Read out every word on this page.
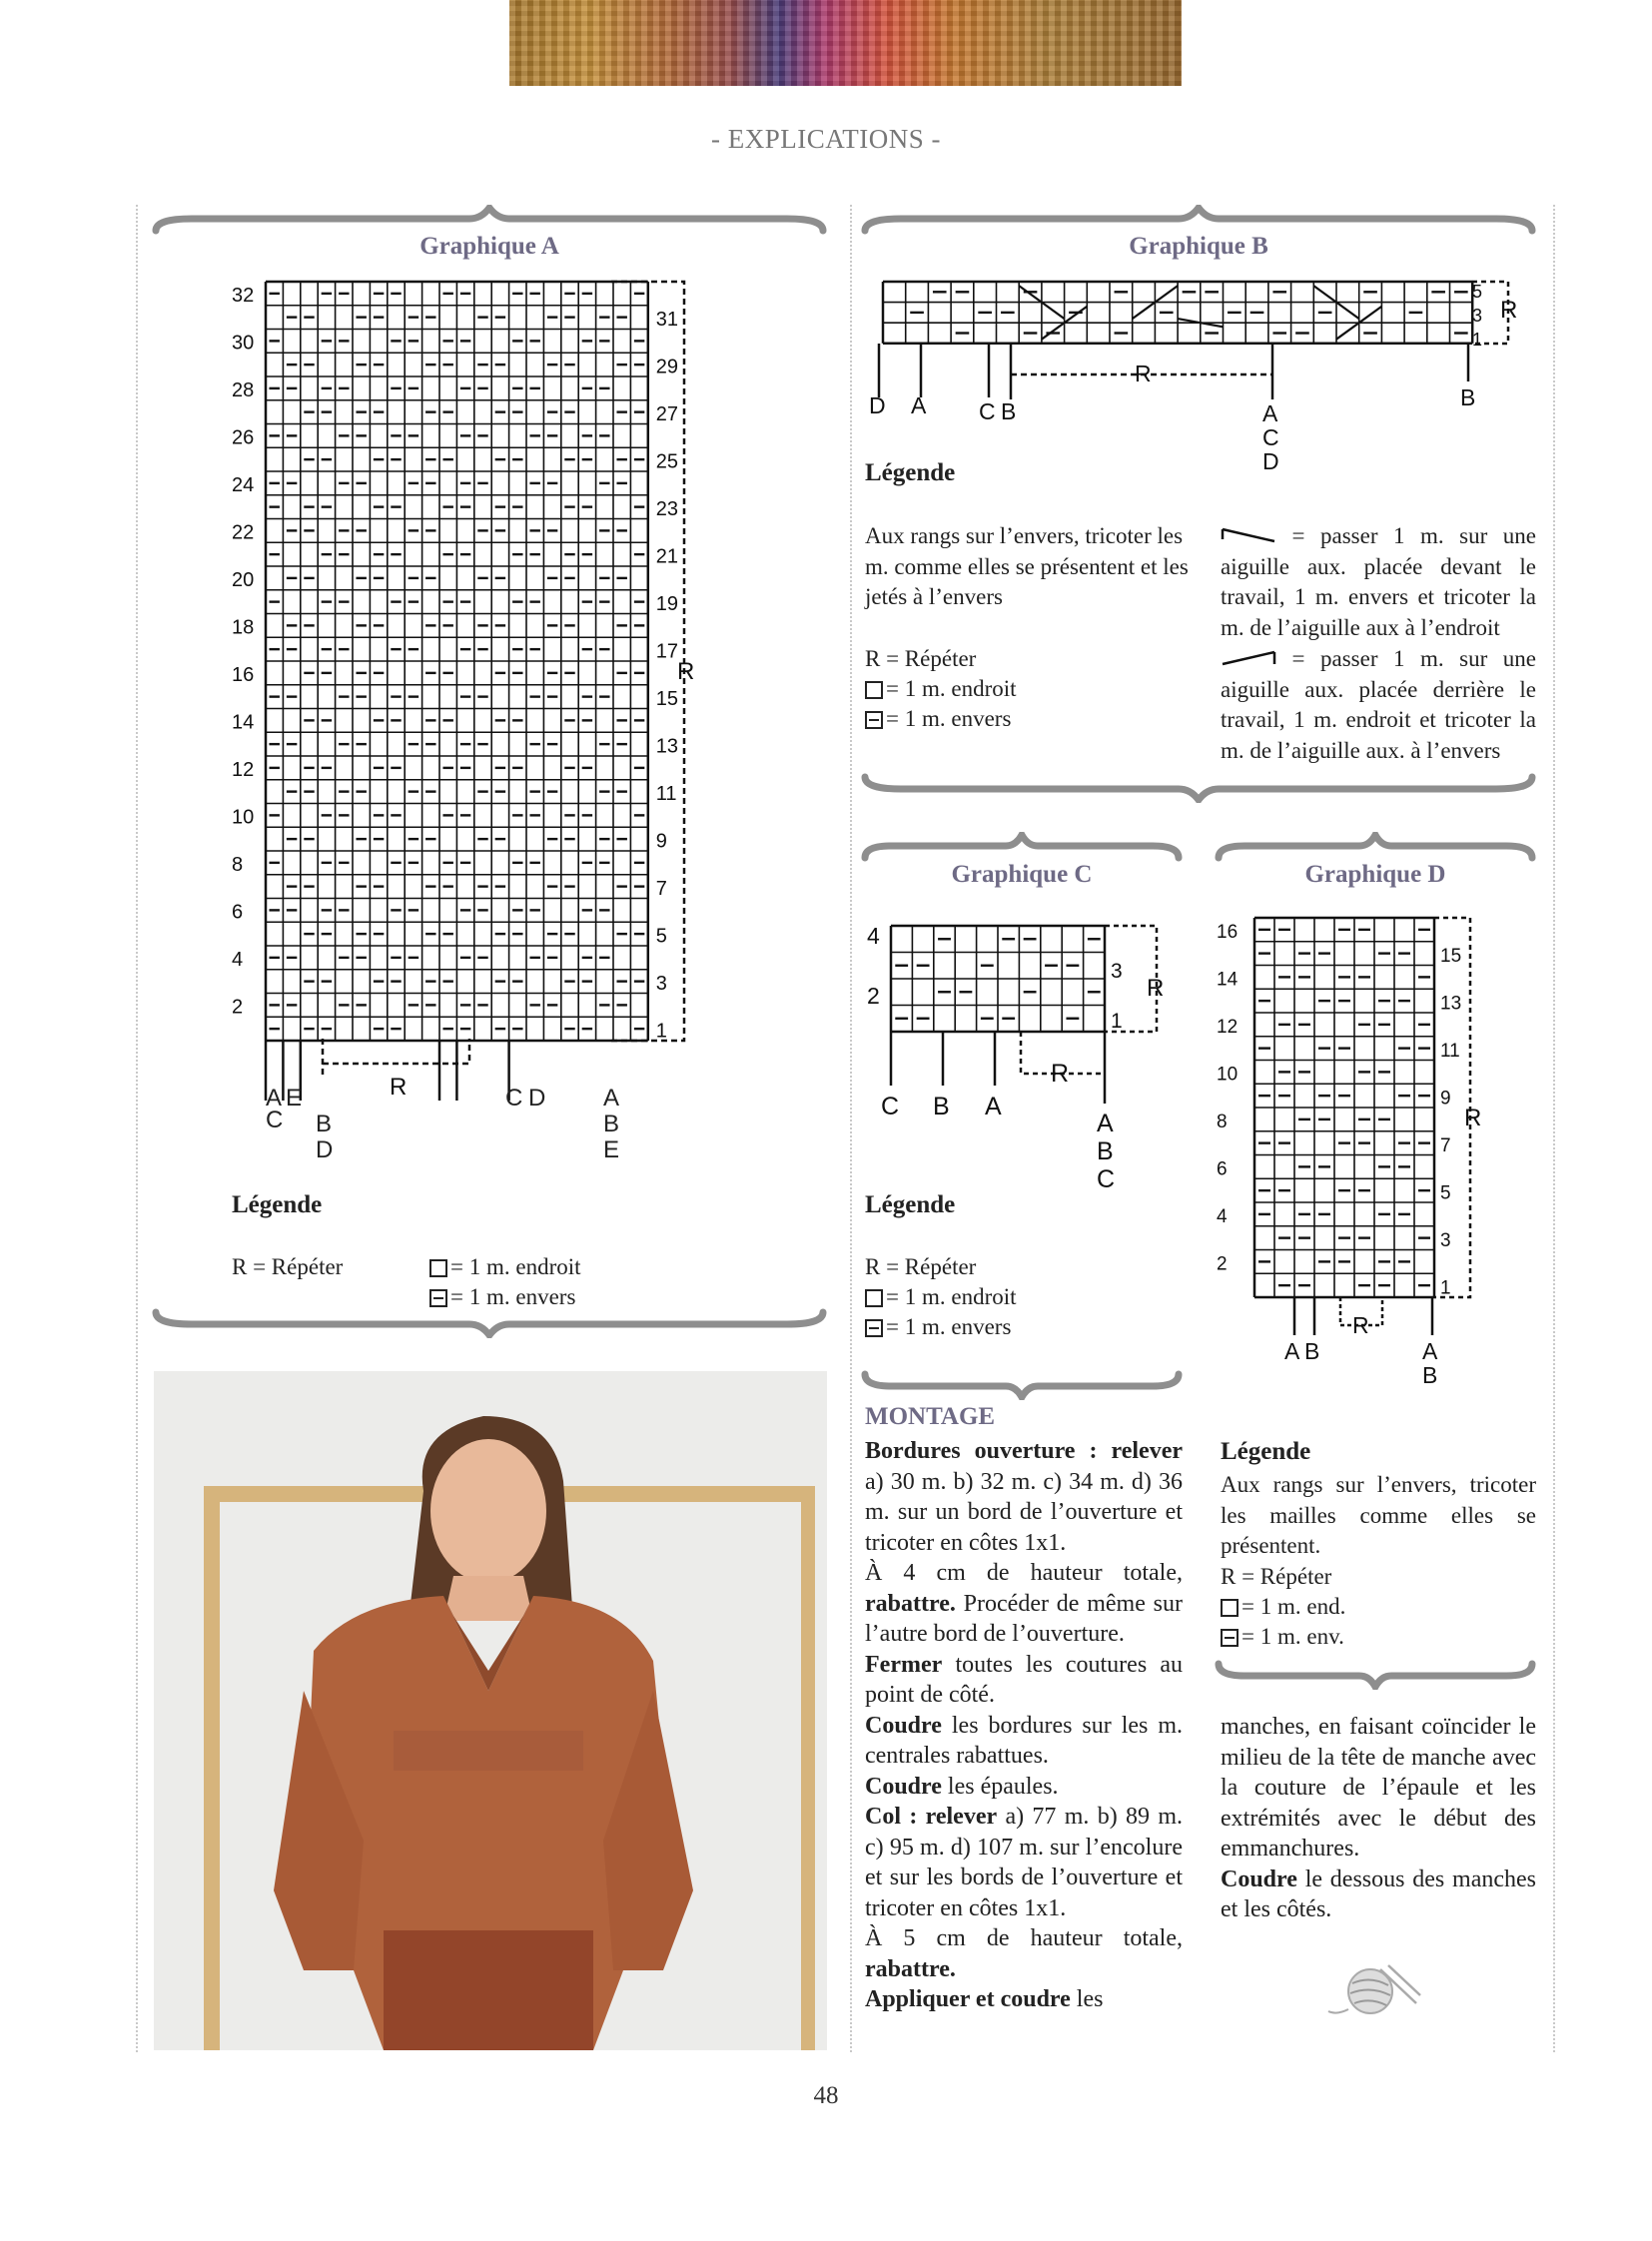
- EXPLICATIONS -
Graphique A
32
30
28
26
24
22
20
18
16
14
12
10
8
6
4
2
31
29
27
25
23
21
19
17
15
13
11
9
7
5
3
1
R
R
A
C
E
B
D
C D A
B
E
Légende
R = Répéter	= 1 m. endroit
= 1 m. envers
Graphique B
5
3
1
R
D A C B
R
A
C
D
B
Légende
Aux rangs sur l’envers, tricoter les m. comme elles se présentent et les jetés à l’envers
R = Répéter
= 1 m. endroit
= 1 m. envers
= passer 1 m. sur une aiguille aux. placée devant le travail, 1 m. envers et tricoter la m. de l’aiguille aux à l’endroit
= passer 1 m. sur une aiguille aux. placée derrière le travail, 1 m. endroit et tricoter la m. de l’aiguille aux. à l’envers
Graphique C
4
2
3
1
R
C B A
R
A
B
C
Légende
R = Répéter
= 1 m. endroit
= 1 m. envers
Graphique D
16
14
12
10
8
6
4
2
15
13
11
9
7
5
3
1
R
A B
R
A
B
Légende
Aux rangs sur l’envers, tricoter les mailles comme elles se présentent.
R = Répéter
= 1 m. end.
= 1 m. env.
MONTAGE
Bordures ouverture : relever a) 30 m. b) 32 m. c) 34 m. d) 36 m. sur un bord de l’ouverture et tricoter en côtes 1x1.
À 4 cm de hauteur totale, rabattre. Procéder de même sur l’autre bord de l’ouverture.
Fermer toutes les coutures au point de côté.
Coudre les bordures sur les m. centrales rabattues.
Coudre les épaules.
Col : relever a) 77 m. b) 89 m. c) 95 m. d) 107 m. sur l’encolure et sur les bords de l’ouverture et tricoter en côtes 1x1.
À 5 cm de hauteur totale, rabattre.
Appliquer et coudre les
manches, en faisant coïncider le milieu de la tête de manche avec la couture de l’épaule et les extrémités avec le début des emmanchures.
Coudre le dessous des manches et les côtés.
48
